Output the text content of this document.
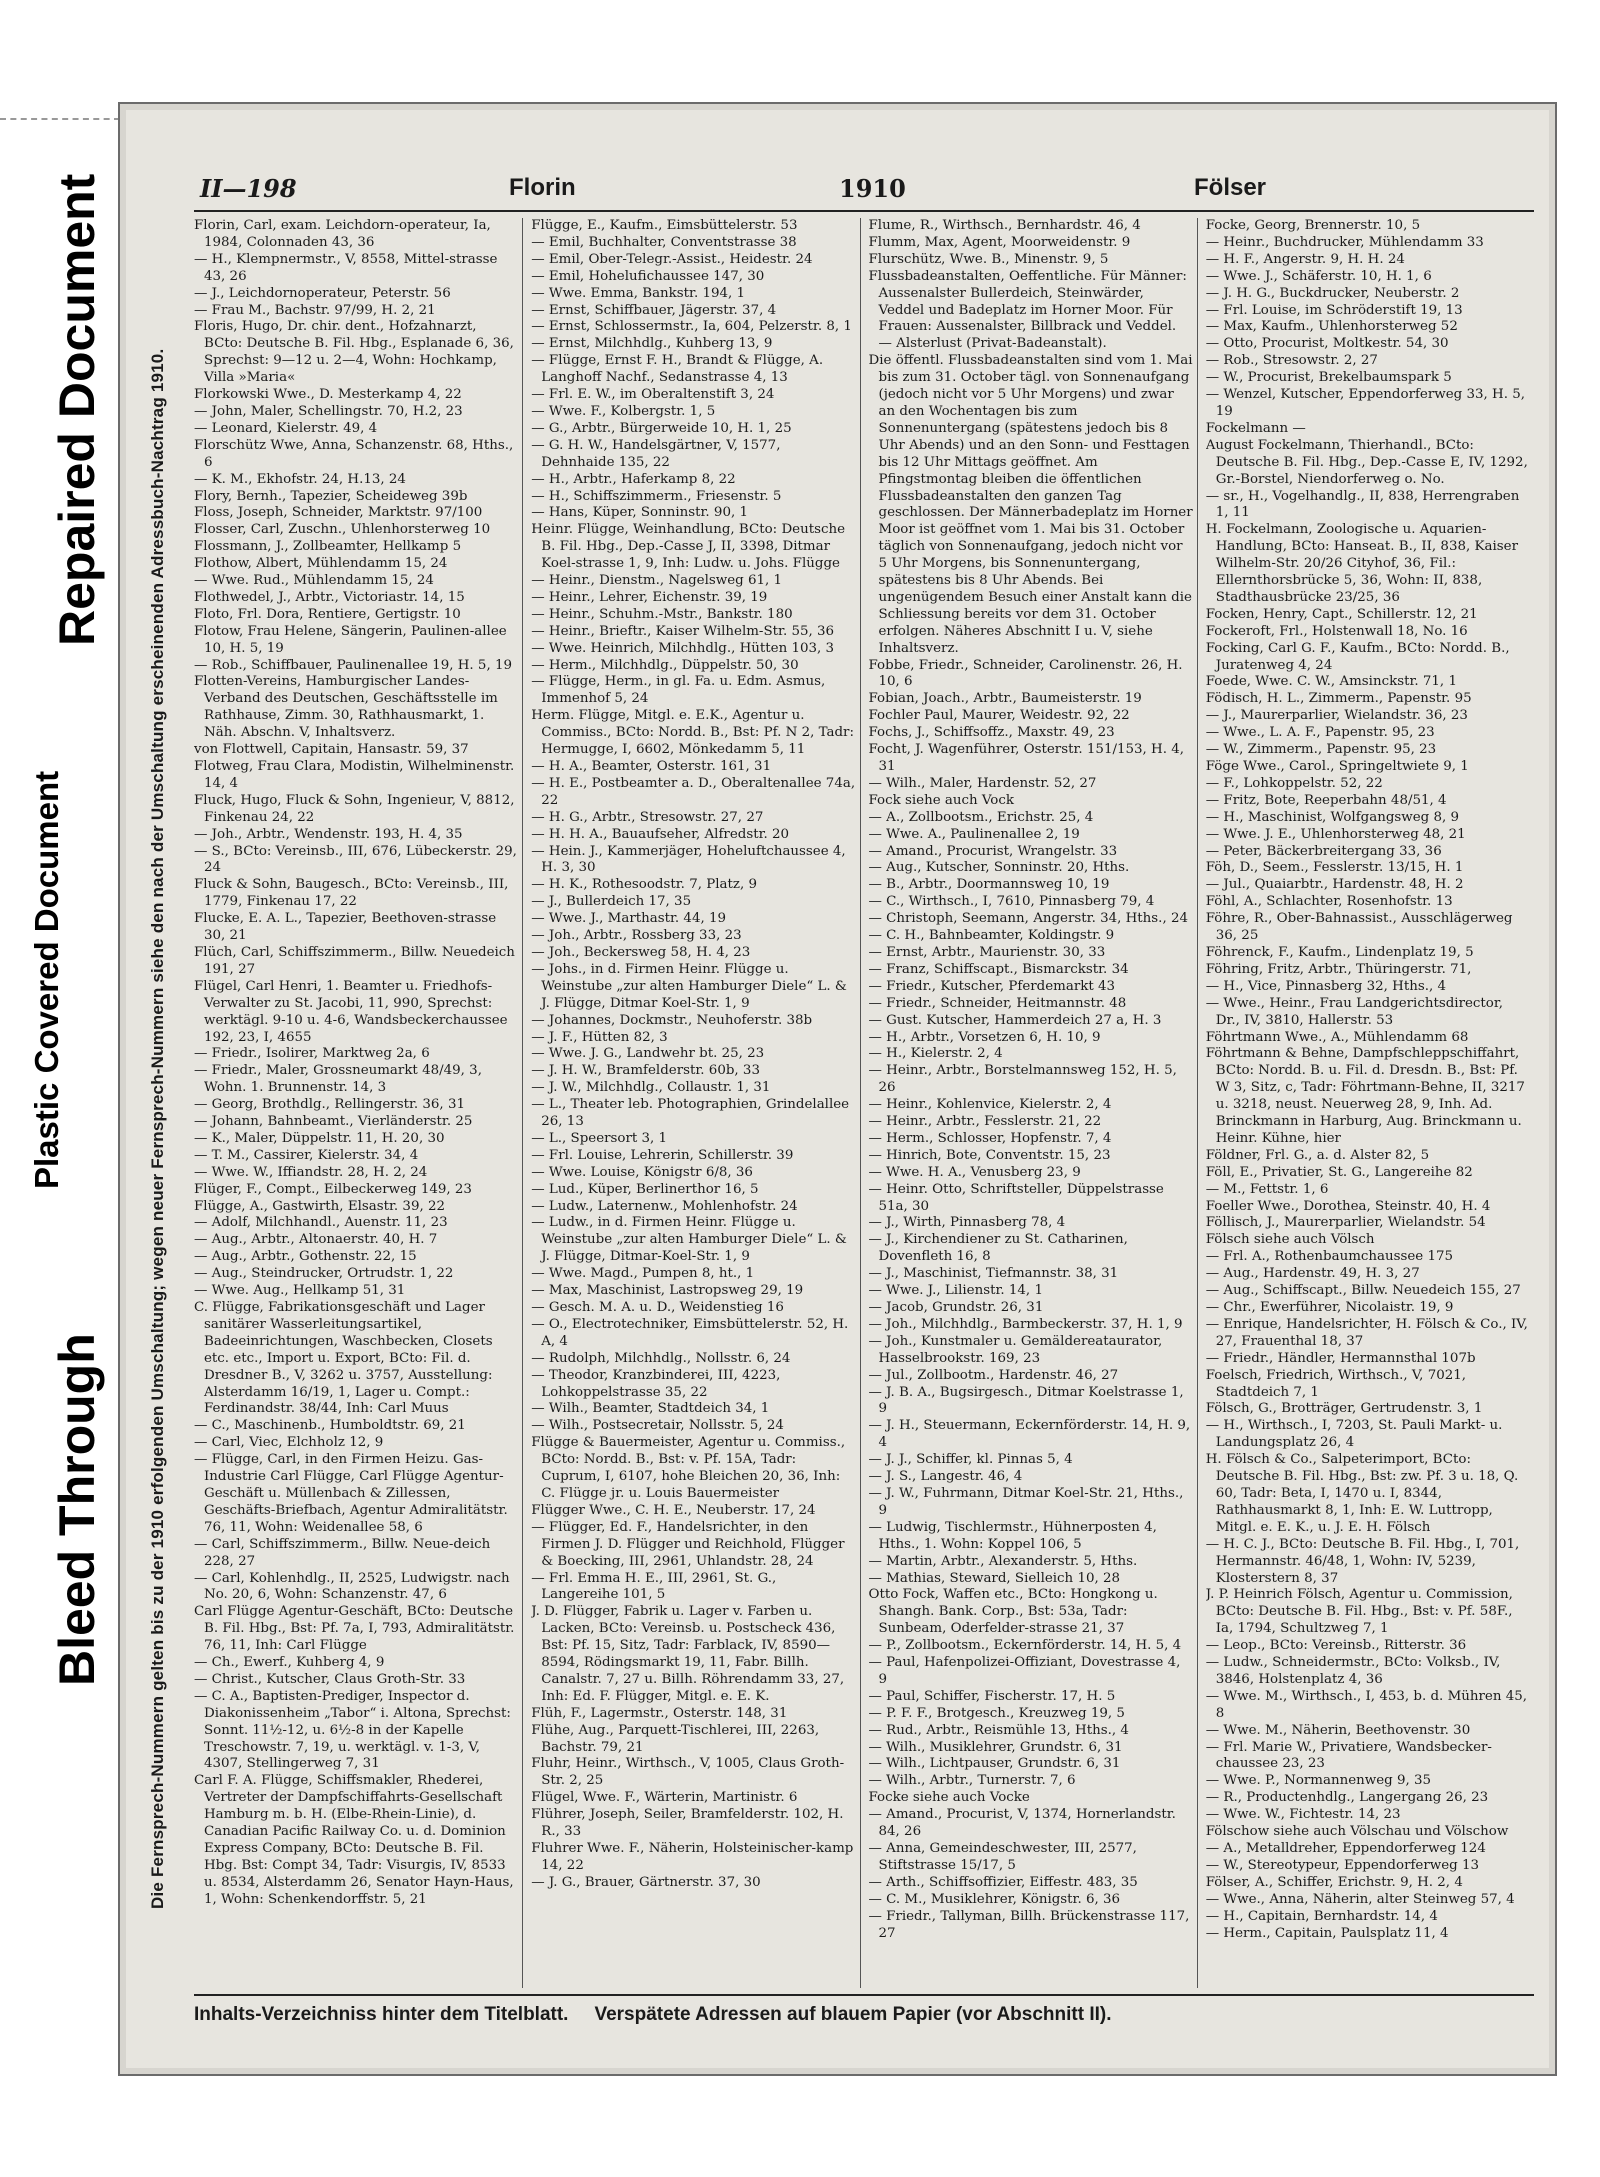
Repaired Document
Plastic Covered Document
Bleed Through	Die Fernsprech-Nummern gelten bis zu der 1910 erfolgenden Umschaltung; wegen neuer Fernsprech-Nummern siehe den nach der Umschaltung erscheinenden Adressbuch-Nachtrag 1910.
II—198	Florin	1910	Fölser

Florin, Carl, exam. Leichdorn-operateur, Ia, 1984, Colonnaden 43, 36

— H., Klempnermstr., V, 8558, Mittel-strasse 43, 26

— J., Leichdornoperateur, Peterstr. 56

— Frau M., Bachstr. 97/99, H. 2, 21

Floris, Hugo, Dr. chir. dent., Hofzahnarzt, BCto: Deutsche B. Fil. Hbg., Esplanade 6, 36, Sprechst: 9—12 u. 2—4, Wohn: Hochkamp, Villa »Maria«

Florkowski Wwe., D. Mesterkamp 4, 22

— John, Maler, Schellingstr. 70, H.2, 23

— Leonard, Kielerstr. 49, 4

Florschütz Wwe, Anna, Schanzenstr. 68, Hths., 6

— K. M., Ekhofstr. 24, H.13, 24

Flory, Bernh., Tapezier, Scheideweg 39b

Floss, Joseph, Schneider, Marktstr. 97/100

Flosser, Carl, Zuschn., Uhlenhorsterweg 10

Flossmann, J., Zollbeamter, Hellkamp 5

Flothow, Albert, Mühlendamm 15, 24

— Wwe. Rud., Mühlendamm 15, 24

Flothwedel, J., Arbtr., Victoriastr. 14, 15

Floto, Frl. Dora, Rentiere, Gertigstr. 10

Flotow, Frau Helene, Sängerin, Paulinen-allee 10, H. 5, 19

— Rob., Schiffbauer, Paulinenallee 19, H. 5, 19

Flotten-Vereins, Hamburgischer Landes-Verband des Deutschen, Geschäftsstelle im Rathhause, Zimm. 30, Rathhausmarkt, 1. Näh. Abschn. V, Inhaltsverz.

von Flottwell, Capitain, Hansastr. 59, 37

Flotweg, Frau Clara, Modistin, Wilhelminenstr. 14, 4

Fluck, Hugo, Fluck & Sohn, Ingenieur, V, 8812, Finkenau 24, 22

— Joh., Arbtr., Wendenstr. 193, H. 4, 35

— S., BCto: Vereinsb., III, 676, Lübeckerstr. 29, 24

Fluck & Sohn, Baugesch., BCto: Vereinsb., III, 1779, Finkenau 17, 22

Flucke, E. A. L., Tapezier, Beethoven-strasse 30, 21

Flüch, Carl, Schiffszimmerm., Billw. Neuedeich 191, 27

Flügel, Carl Henri, 1. Beamter u. Friedhofs-Verwalter zu St. Jacobi, 11, 990, Sprechst: werktägl. 9-10 u. 4-6, Wandsbeckerchaussee 192, 23, I, 4655

— Friedr., Isolirer, Marktweg 2a, 6

— Friedr., Maler, Grossneumarkt 48/49, 3, Wohn. 1. Brunnenstr. 14, 3

— Georg, Brothdlg., Rellingerstr. 36, 31

— Johann, Bahnbeamt., Vierländerstr. 25

— K., Maler, Düppelstr. 11, H. 20, 30

— T. M., Cassirer, Kielerstr. 34, 4

— Wwe. W., Iffiandstr. 28, H. 2, 24

Flüger, F., Compt., Eilbeckerweg 149, 23

Flügge, A., Gastwirth, Elsastr. 39, 22

— Adolf, Milchhandl., Auenstr. 11, 23

— Aug., Arbtr., Altonaerstr. 40, H. 7

— Aug., Arbtr., Gothenstr. 22, 15

— Aug., Steindrucker, Ortrudstr. 1, 22

— Wwe. Aug., Hellkamp 51, 31

C. Flügge, Fabrikationsgeschäft und Lager sanitärer Wasserleitungsartikel, Badeeinrichtungen, Waschbecken, Closets etc. etc., Import u. Export, BCto: Fil. d. Dresdner B., V, 3262 u. 3757, Ausstellung: Alsterdamm 16/19, 1, Lager u. Compt.: Ferdinandstr. 38/44, Inh: Carl Muus

— C., Maschinenb., Humboldtstr. 69, 21

— Carl, Viec, Elchholz 12, 9

— Flügge, Carl, in den Firmen Heizu. Gas-Industrie Carl Flügge, Carl Flügge Agentur-Geschäft u. Müllenbach & Zillessen, Geschäfts-Briefbach, Agentur Admiralitätstr. 76, 11, Wohn: Weidenallee 58, 6

— Carl, Schiffszimmerm., Billw. Neue-deich 228, 27

— Carl, Kohlenhdlg., II, 2525, Ludwigstr. nach No. 20, 6, Wohn: Schanzenstr. 47, 6

Carl Flügge Agentur-Geschäft, BCto: Deutsche B. Fil. Hbg., Bst: Pf. 7a, I, 793, Admiralitätstr. 76, 11, Inh: Carl Flügge

— Ch., Ewerf., Kuhberg 4, 9

— Christ., Kutscher, Claus Groth-Str. 33

— C. A., Baptisten-Prediger, Inspector d. Diakonissenheim „Tabor“ i. Altona, Sprechst: Sonnt. 11½-12, u. 6½-8 in der Kapelle Treschowstr. 7, 19, u. werktägl. v. 1-3, V, 4307, Stellingerweg 7, 31

Carl F. A. Flügge, Schiffsmakler, Rhederei, Vertreter der Dampfschiffahrts-Gesellschaft Hamburg m. b. H. (Elbe-Rhein-Linie), d. Canadian Pacific Railway Co. u. d. Dominion Express Company, BCto: Deutsche B. Fil. Hbg. Bst: Compt 34, Tadr: Visurgis, IV, 8533 u. 8534, Alsterdamm 26, Senator Hayn-Haus, 1, Wohn: Schenkendorffstr. 5, 21

Flügge, E., Kaufm., Eimsbüttelerstr. 53

— Emil, Buchhalter, Conventstrasse 38

— Emil, Ober-Telegr.-Assist., Heidestr. 24

— Emil, Hohelufichaussee 147, 30

— Wwe. Emma, Bankstr. 194, 1

— Ernst, Schiffbauer, Jägerstr. 37, 4

— Ernst, Schlossermstr., Ia, 604, Pelzerstr. 8, 1

— Ernst, Milchhdlg., Kuhberg 13, 9

— Flügge, Ernst F. H., Brandt & Flügge, A. Langhoff Nachf., Sedanstrasse 4, 13

— Frl. E. W., im Oberaltenstift 3, 24

— Wwe. F., Kolbergstr. 1, 5

— G., Arbtr., Bürgerweide 10, H. 1, 25

— G. H. W., Handelsgärtner, V, 1577, Dehnhaide 135, 22

— H., Arbtr., Haferkamp 8, 22

— H., Schiffszimmerm., Friesenstr. 5

— Hans, Küper, Sonninstr. 90, 1

Heinr. Flügge, Weinhandlung, BCto: Deutsche B. Fil. Hbg., Dep.-Casse J, II, 3398, Ditmar Koel-strasse 1, 9, Inh: Ludw. u. Johs. Flügge

— Heinr., Dienstm., Nagelsweg 61, 1

— Heinr., Lehrer, Eichenstr. 39, 19

— Heinr., Schuhm.-Mstr., Bankstr. 180

— Heinr., Brieftr., Kaiser Wilhelm-Str. 55, 36

— Wwe. Heinrich, Milchhdlg., Hütten 103, 3

— Herm., Milchhdlg., Düppelstr. 50, 30

— Flügge, Herm., in gl. Fa. u. Edm. Asmus, Immenhof 5, 24

Herm. Flügge, Mitgl. e. E.K., Agentur u. Commiss., BCto: Nordd. B., Bst: Pf. N 2, Tadr: Hermugge, I, 6602, Mönkedamm 5, 11

— H. A., Beamter, Osterstr. 161, 31

— H. E., Postbeamter a. D., Oberaltenallee 74a, 22

— H. G., Arbtr., Stresowstr. 27, 27

— H. H. A., Bauaufseher, Alfredstr. 20

— Hein. J., Kammerjäger, Hoheluftchaussee 4, H. 3, 30

— H. K., Rothesoodstr. 7, Platz, 9

— J., Bullerdeich 17, 35

— Wwe. J., Marthastr. 44, 19

— Joh., Arbtr., Rossberg 33, 23

— Joh., Beckersweg 58, H. 4, 23

— Johs., in d. Firmen Heinr. Flügge u. Weinstube „zur alten Hamburger Diele“ L. & J. Flügge, Ditmar Koel-Str. 1, 9

— Johannes, Dockmstr., Neuhoferstr. 38b

— J. F., Hütten 82, 3

— Wwe. J. G., Landwehr bt. 25, 23

— J. H. W., Bramfelderstr. 60b, 33

— J. W., Milchhdlg., Collaustr. 1, 31

— L., Theater leb. Photographien, Grindelallee 26, 13

— L., Speersort 3, 1

— Frl. Louise, Lehrerin, Schillerstr. 39

— Wwe. Louise, Königstr 6/8, 36

— Lud., Küper, Berlinerthor 16, 5

— Ludw., Laternenw., Mohlenhofstr. 24

— Ludw., in d. Firmen Heinr. Flügge u. Weinstube „zur alten Hamburger Diele“ L. & J. Flügge, Ditmar-Koel-Str. 1, 9

— Wwe. Magd., Pumpen 8, ht., 1

— Max, Maschinist, Lastropsweg 29, 19

— Gesch. M. A. u. D., Weidenstieg 16

— O., Electrotechniker, Eimsbüttelerstr. 52, H. A, 4

— Rudolph, Milchhdlg., Nollsstr. 6, 24

— Theodor, Kranzbinderei, III, 4223, Lohkoppelstrasse 35, 22

— Wilh., Beamter, Stadtdeich 34, 1

— Wilh., Postsecretair, Nollsstr. 5, 24

Flügge & Bauermeister, Agentur u. Commiss., BCto: Nordd. B., Bst: v. Pf. 15A, Tadr: Cuprum, I, 6107, hohe Bleichen 20, 36, Inh: C. Flügge jr. u. Louis Bauermeister

Flügger Wwe., C. H. E., Neuberstr. 17, 24

— Flügger, Ed. F., Handelsrichter, in den Firmen J. D. Flügger und Reichhold, Flügger & Boecking, III, 2961, Uhlandstr. 28, 24

— Frl. Emma H. E., III, 2961, St. G., Langereihe 101, 5

J. D. Flügger, Fabrik u. Lager v. Farben u. Lacken, BCto: Vereinsb. u. Postscheck 436, Bst: Pf. 15, Sitz, Tadr: Farblack, IV, 8590—8594, Rödingsmarkt 19, 11, Fabr. Billh. Canalstr. 7, 27 u. Billh. Röhrendamm 33, 27, Inh: Ed. F. Flügger, Mitgl. e. E. K.

Flüh, F., Lagermstr., Osterstr. 148, 31

Flühe, Aug., Parquett-Tischlerei, III, 2263, Bachstr. 79, 21

Fluhr, Heinr., Wirthsch., V, 1005, Claus Groth-Str. 2, 25

Flügel, Wwe. F., Wärterin, Martinistr. 6

Flührer, Joseph, Seiler, Bramfelderstr. 102, H. R., 33

Fluhrer Wwe. F., Näherin, Holsteinischer-kamp 14, 22

— J. G., Brauer, Gärtnerstr. 37, 30

Flume, R., Wirthsch., Bernhardstr. 46, 4

Flumm, Max, Agent, Moorweidenstr. 9

Flurschütz, Wwe. B., Minenstr. 9, 5

Flussbadeanstalten, Oeffentliche. Für Männer: Aussenalster Bullerdeich, Steinwärder, Veddel und Badeplatz im Horner Moor. Für Frauen: Aussenalster, Billbrack und Veddel. — Alsterlust (Privat-Badeanstalt).

Die öffentl. Flussbadeanstalten sind vom 1. Mai bis zum 31. October tägl. von Sonnenaufgang (jedoch nicht vor 5 Uhr Morgens) und zwar an den Wochentagen bis zum Sonnenuntergang (spätestens jedoch bis 8 Uhr Abends) und an den Sonn- und Festtagen bis 12 Uhr Mittags geöffnet. Am Pfingstmontag bleiben die öffentlichen Flussbadeanstalten den ganzen Tag geschlossen. Der Männerbadeplatz im Horner Moor ist geöffnet vom 1. Mai bis 31. October täglich von Sonnenaufgang, jedoch nicht vor 5 Uhr Morgens, bis Sonnenuntergang, spätestens bis 8 Uhr Abends. Bei ungenügendem Besuch einer Anstalt kann die Schliessung bereits vor dem 31. October erfolgen. Näheres Abschnitt I u. V, siehe Inhaltsverz.

Fobbe, Friedr., Schneider, Carolinenstr. 26, H. 10, 6

Fobian, Joach., Arbtr., Baumeisterstr. 19

Fochler Paul, Maurer, Weidestr. 92, 22

Fochs, J., Schiffsoffz., Maxstr. 49, 23

Focht, J. Wagenführer, Osterstr. 151/153, H. 4, 31

— Wilh., Maler, Hardenstr. 52, 27

Fock siehe auch Vock

— A., Zollbootsm., Erichstr. 25, 4

— Wwe. A., Paulinenallee 2, 19

— Amand., Procurist, Wrangelstr. 33

— Aug., Kutscher, Sonninstr. 20, Hths.

— B., Arbtr., Doormannsweg 10, 19

— C., Wirthsch., I, 7610, Pinnasberg 79, 4

— Christoph, Seemann, Angerstr. 34, Hths., 24

— C. H., Bahnbeamter, Koldingstr. 9

— Ernst, Arbtr., Maurienstr. 30, 33

— Franz, Schiffscapt., Bismarckstr. 34

— Friedr., Kutscher, Pferdemarkt 43

— Friedr., Schneider, Heitmannstr. 48

— Gust. Kutscher, Hammerdeich 27 a, H. 3

— H., Arbtr., Vorsetzen 6, H. 10, 9

— H., Kielerstr. 2, 4

— Heinr., Arbtr., Borstelmannsweg 152, H. 5, 26

— Heinr., Kohlenvice, Kielerstr. 2, 4

— Heinr., Arbtr., Fesslerstr. 21, 22

— Herm., Schlosser, Hopfenstr. 7, 4

— Hinrich, Bote, Conventstr. 15, 23

— Wwe. H. A., Venusberg 23, 9

— Heinr. Otto, Schriftsteller, Düppelstrasse 51a, 30

— J., Wirth, Pinnasberg 78, 4

— J., Kirchendiener zu St. Catharinen, Dovenfleth 16, 8

— J., Maschinist, Tiefmannstr. 38, 31

— Wwe. J., Lilienstr. 14, 1

— Jacob, Grundstr. 26, 31

— Joh., Milchhdlg., Barmbeckerstr. 37, H. 1, 9

— Joh., Kunstmaler u. Gemäldereataurator, Hasselbrookstr. 169, 23

— Jul., Zollbootm., Hardenstr. 46, 27

— J. B. A., Bugsirgesch., Ditmar Koelstrasse 1, 9

— J. H., Steuermann, Eckernförderstr. 14, H. 9, 4

— J. J., Schiffer, kl. Pinnas 5, 4

— J. S., Langestr. 46, 4

— J. W., Fuhrmann, Ditmar Koel-Str. 21, Hths., 9

— Ludwig, Tischlermstr., Hühnerposten 4, Hths., 1. Wohn: Koppel 106, 5

— Martin, Arbtr., Alexanderstr. 5, Hths.

— Mathias, Steward, Sielleich 10, 28

Otto Fock, Waffen etc., BCto: Hongkong u. Shangh. Bank. Corp., Bst: 53a, Tadr: Sunbeam, Oderfelder-strasse 21, 37

— P., Zollbootsm., Eckernförderstr. 14, H. 5, 4

— Paul, Hafenpolizei-Offiziant, Dovestrasse 4, 9

— Paul, Schiffer, Fischerstr. 17, H. 5

— P. F. F., Brotgesch., Kreuzweg 19, 5

— Rud., Arbtr., Reismühle 13, Hths., 4

— Wilh., Musiklehrer, Grundstr. 6, 31

— Wilh., Lichtpauser, Grundstr. 6, 31

— Wilh., Arbtr., Turnerstr. 7, 6

Focke siehe auch Vocke

— Amand., Procurist, V, 1374, Hornerlandstr. 84, 26

— Anna, Gemeindeschwester, III, 2577, Stiftstrasse 15/17, 5

— Arth., Schiffsoffizier, Eiffestr. 483, 35

— C. M., Musiklehrer, Königstr. 6, 36

— Friedr., Tallyman, Billh. Brückenstrasse 117, 27

Focke, Georg, Brennerstr. 10, 5

— Heinr., Buchdrucker, Mühlendamm 33

— H. F., Angerstr. 9, H. H. 24

— Wwe. J., Schäferstr. 10, H. 1, 6

— J. H. G., Buckdrucker, Neuberstr. 2

— Frl. Louise, im Schröderstift 19, 13

— Max, Kaufm., Uhlenhorsterweg 52

— Otto, Procurist, Moltkestr. 54, 30

— Rob., Stresowstr. 2, 27

— W., Procurist, Brekelbaumspark 5

— Wenzel, Kutscher, Eppendorferweg 33, H. 5, 19

Fockelmann —

August Fockelmann, Thierhandl., BCto: Deutsche B. Fil. Hbg., Dep.-Casse E, IV, 1292, Gr.-Borstel, Niendorferweg o. No.

— sr., H., Vogelhandlg., II, 838, Herrengraben 1, 11

H. Fockelmann, Zoologische u. Aquarien-Handlung, BCto: Hanseat. B., II, 838, Kaiser Wilhelm-Str. 20/26 Cityhof, 36, Fil.: Ellernthorsbrücke 5, 36, Wohn: II, 838, Stadthausbrücke 23/25, 36

Focken, Henry, Capt., Schillerstr. 12, 21

Fockeroft, Frl., Holstenwall 18, No. 16

Focking, Carl G. F., Kaufm., BCto: Nordd. B., Juratenweg 4, 24

Foede, Wwe. C. W., Amsinckstr. 71, 1

Födisch, H. L., Zimmerm., Papenstr. 95

— J., Maurerparlier, Wielandstr. 36, 23

— Wwe., L. A. F., Papenstr. 95, 23

— W., Zimmerm., Papenstr. 95, 23

Föge Wwe., Carol., Springeltwiete 9, 1

— F., Lohkoppelstr. 52, 22

— Fritz, Bote, Reeperbahn 48/51, 4

— H., Maschinist, Wolfgangsweg 8, 9

— Wwe. J. E., Uhlenhorsterweg 48, 21

— Peter, Bäckerbreitergang 33, 36

Föh, D., Seem., Fesslerstr. 13/15, H. 1

— Jul., Quaiarbtr., Hardenstr. 48, H. 2

Föhl, A., Schlachter, Rosenhofstr. 13

Föhre, R., Ober-Bahnassist., Ausschlägerweg 36, 25

Föhrenck, F., Kaufm., Lindenplatz 19, 5

Föhring, Fritz, Arbtr., Thüringerstr. 71,

— H., Vice, Pinnasberg 32, Hths., 4

— Wwe., Heinr., Frau Landgerichtsdirector, Dr., IV, 3810, Hallerstr. 53

Föhrtmann Wwe., A., Mühlendamm 68

Föhrtmann & Behne, Dampfschleppschiffahrt, BCto: Nordd. B. u. Fil. d. Dresdn. B., Bst: Pf. W 3, Sitz, c, Tadr: Föhrtmann-Behne, II, 3217 u. 3218, neust. Neuerweg 28, 9, Inh. Ad. Brinckmann in Harburg, Aug. Brinckmann u. Heinr. Kühne, hier

Földner, Frl. G., a. d. Alster 82, 5

Föll, E., Privatier, St. G., Langereihe 82

— M., Fettstr. 1, 6

Foeller Wwe., Dorothea, Steinstr. 40, H. 4

Föllisch, J., Maurerparlier, Wielandstr. 54

Fölsch siehe auch Völsch

— Frl. A., Rothenbaumchaussee 175

— Aug., Hardenstr. 49, H. 3, 27

— Aug., Schiffscapt., Billw. Neuedeich 155, 27

— Chr., Ewerführer, Nicolaistr. 19, 9

— Enrique, Handelsrichter, H. Fölsch & Co., IV, 27, Frauenthal 18, 37

— Friedr., Händler, Hermannsthal 107b

Foelsch, Friedrich, Wirthsch., V, 7021, Stadtdeich 7, 1

Fölsch, G., Brotträger, Gertrudenstr. 3, 1

— H., Wirthsch., I, 7203, St. Pauli Markt- u. Landungsplatz 26, 4

H. Fölsch & Co., Salpeterimport, BCto: Deutsche B. Fil. Hbg., Bst: zw. Pf. 3 u. 18, Q. 60, Tadr: Beta, I, 1470 u. I, 8344, Rathhausmarkt 8, 1, Inh: E. W. Luttropp, Mitgl. e. E. K., u. J. E. H. Fölsch

— H. C. J., BCto: Deutsche B. Fil. Hbg., I, 701, Hermannstr. 46/48, 1, Wohn: IV, 5239, Klosterstern 8, 37

J. P. Heinrich Fölsch, Agentur u. Commission, BCto: Deutsche B. Fil. Hbg., Bst: v. Pf. 58F., Ia, 1794, Schultzweg 7, 1

— Leop., BCto: Vereinsb., Ritterstr. 36

— Ludw., Schneidermstr., BCto: Volksb., IV, 3846, Holstenplatz 4, 36

— Wwe. M., Wirthsch., I, 453, b. d. Mühren 45, 8

— Wwe. M., Näherin, Beethovenstr. 30

— Frl. Marie W., Privatiere, Wandsbecker-chaussee 23, 23

— Wwe. P., Normannenweg 9, 35

— R., Productenhdlg., Langergang 26, 23

— Wwe. W., Fichtestr. 14, 23

Fölschow siehe auch Völschau und Völschow

— A., Metalldreher, Eppendorferweg 124

— W., Stereotypeur, Eppendorferweg 13

Fölser, A., Schiffer, Erichstr. 9, H. 2, 4

— Wwe., Anna, Näherin, alter Steinweg 57, 4

— H., Capitain, Bernhardstr. 14, 4

— Herm., Capitain, Paulsplatz 11, 4

Inhalts-Verzeichniss hinter dem Titelblatt. Verspätete Adressen auf blauem Papier (vor Abschnitt II).
